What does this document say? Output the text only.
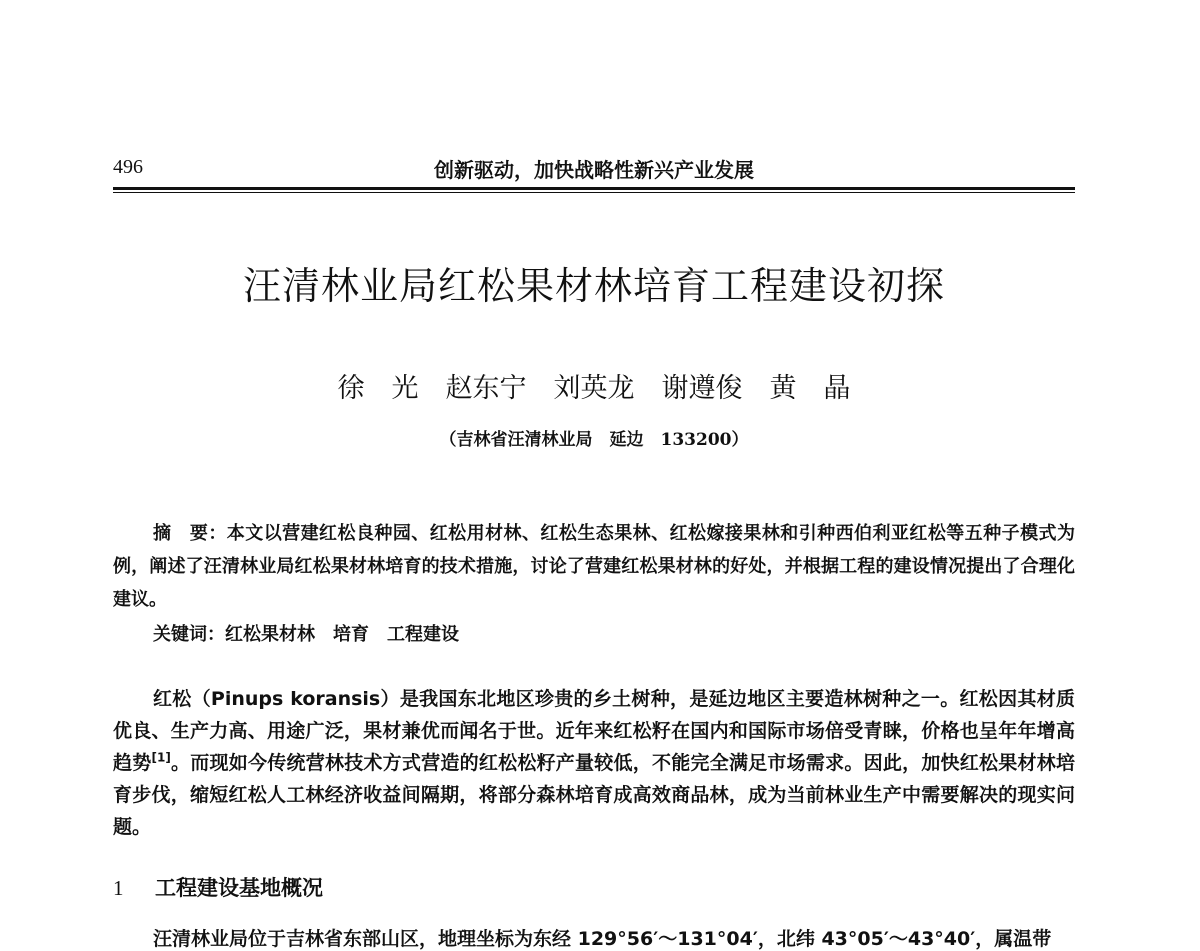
496	创新驱动，加快战略性新兴产业发展
汪清林业局红松果材林培育工程建设初探
徐　光　赵东宁　刘英龙　谢遵俊　黄　晶
（吉林省汪清林业局　延边　133200）
摘　要：本文以营建红松良种园、红松用材林、红松生态果林、红松嫁接果林和引种西伯利亚红松等五种子模式为例，阐述了汪清林业局红松果材林培育的技术措施，讨论了营建红松果材林的好处，并根据工程的建设情况提出了合理化建议。
关键词：红松果材林　培育　工程建设
红松（Pinups koransis）是我国东北地区珍贵的乡土树种，是延边地区主要造林树种之一。红松因其材质优良、生产力高、用途广泛，果材兼优而闻名于世。近年来红松籽在国内和国际市场倍受青睐，价格也呈年年增高趋势[1]。而现如今传统营林技术方式营造的红松松籽产量较低，不能完全满足市场需求。因此，加快红松果材林培育步伐，缩短红松人工林经济收益间隔期，将部分森林培育成高效商品林，成为当前林业生产中需要解决的现实问题。
1 工程建设基地概况
汪清林业局位于吉林省东部山区，地理坐标为东经 129°56′～131°04′，北纬 43°05′～43°40′，属温带
